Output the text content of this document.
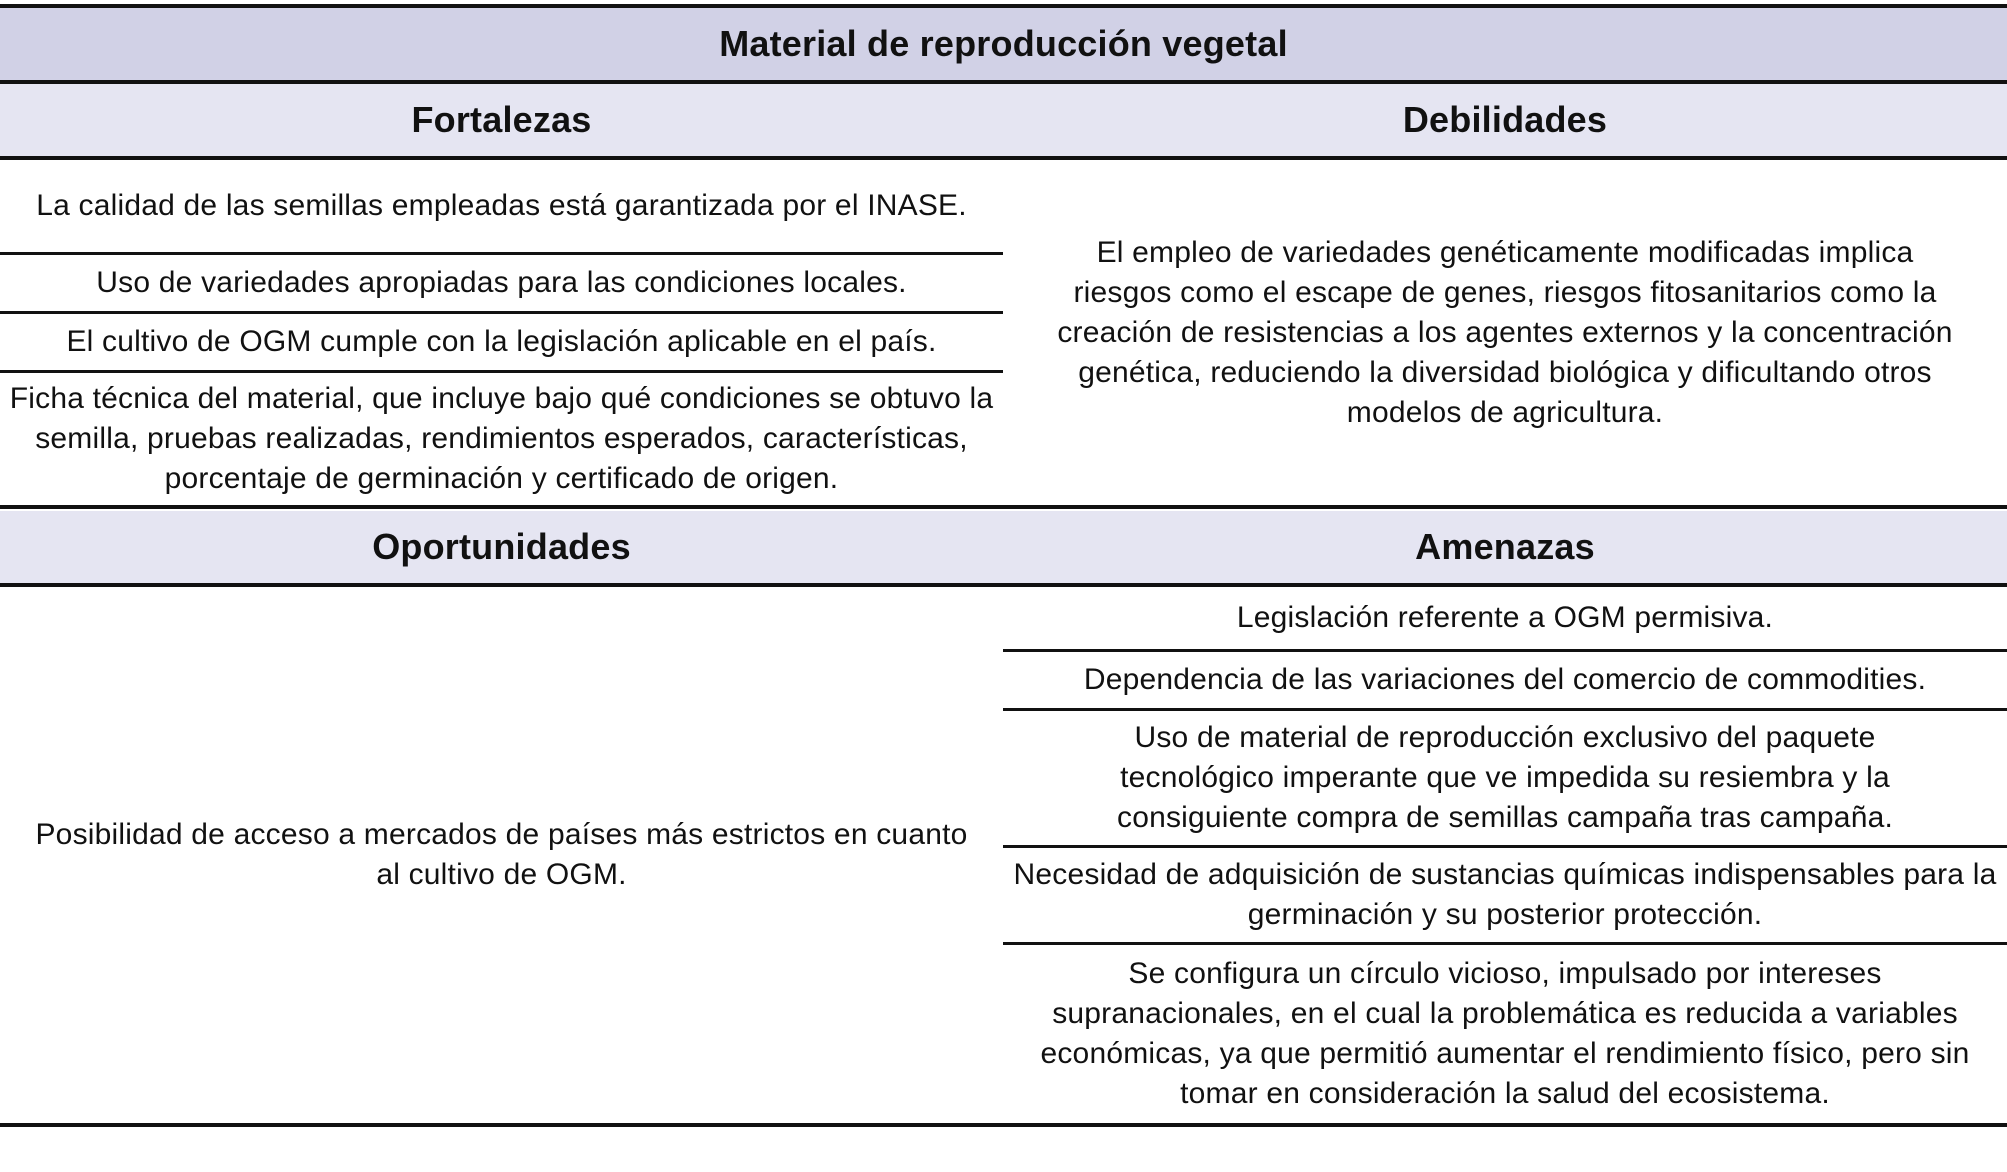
Material de reproducción vegetal
Fortalezas	Debilidades
La calidad de las semillas empleadas está garantizada por el INASE.
Uso de variedades apropiadas para las condiciones locales.
El cultivo de OGM cumple con la legislación aplicable en el país.
Ficha técnica del material, que incluye bajo qué condiciones se obtuvo la semilla, pruebas realizadas, rendimientos esperados, características, porcentaje de germinación y certificado de origen.
El empleo de variedades genéticamente modificadas implica riesgos como el escape de genes, riesgos fitosanitarios como la creación de resistencias a los agentes externos y la concentración genética, reduciendo la diversidad biológica y dificultando otros modelos de agricultura.
Oportunidades	Amenazas
Posibilidad de acceso a mercados de países más estrictos en cuanto al cultivo de OGM.
Legislación referente a OGM permisiva.
Dependencia de las variaciones del comercio de commodities.
Uso de material de reproducción exclusivo del paquete tecnológico imperante que ve impedida su resiembra y la consiguiente compra de semillas campaña tras campaña.
Necesidad de adquisición de sustancias químicas indispensables para la germinación y su posterior protección.
Se configura un círculo vicioso, impulsado por intereses supranacionales, en el cual la problemática es reducida a variables económicas, ya que permitió aumentar el rendimiento físico, pero sin tomar en consideración la salud del ecosistema.
